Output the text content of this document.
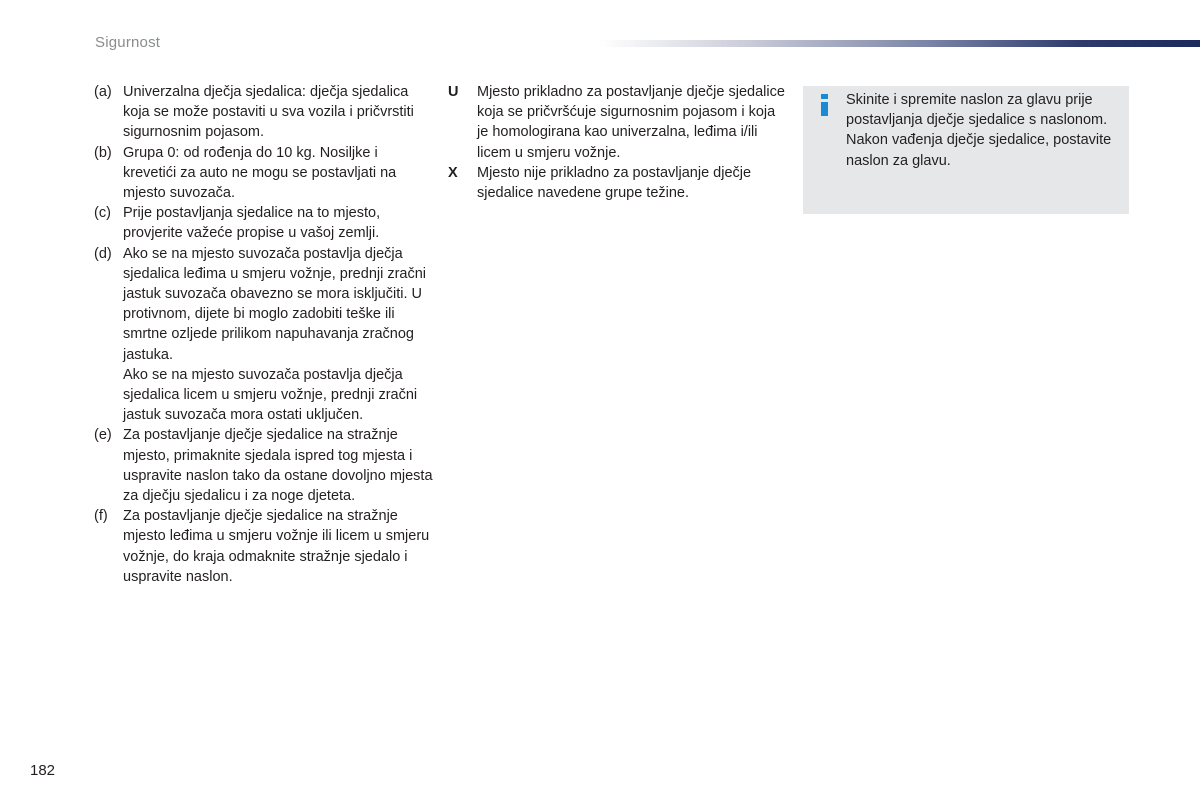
Sigurnost
(a) Univerzalna dječja sjedalica: dječja sjedalica koja se može postaviti u sva vozila i pričvrstiti sigurnosnim pojasom.

(b) Grupa 0: od rođenja do 10 kg. Nosiljke i krevetići za auto ne mogu se postavljati na mjesto suvozača.

(c) Prije postavljanja sjedalice na to mjesto, provjerite važeće propise u vašoj zemlji.

(d) Ako se na mjesto suvozača postavlja dječja sjedalica leđima u smjeru vožnje, prednji zračni jastuk suvozača obavezno se mora isključiti. U protivnom, dijete bi moglo zadobiti teške ili smrtne ozljede prilikom napuhavanja zračnog jastuka.

Ako se na mjesto suvozača postavlja dječja sjedalica licem u smjeru vožnje, prednji zračni jastuk suvozača mora ostati uključen.

(e) Za postavljanje dječje sjedalice na stražnje mjesto, primaknite sjedala ispred tog mjesta i uspravite naslon tako da ostane dovoljno mjesta za dječju sjedalicu i za noge djeteta.

(f)	Za postavljanje dječje sjedalice na stražnje mjesto leđima u smjeru vožnje ili licem u smjeru vožnje, do kraja odmaknite stražnje sjedalo i uspravite naslon.

U	Mjesto prikladno za postavljanje dječje sjedalice koja se pričvršćuje sigurnosnim pojasom i koja je homologirana kao univerzalna, leđima i/ili licem u smjeru vožnje.

X	Mjesto nije prikladno za postavljanje dječje sjedalice navedene grupe težine.

Skinite i spremite naslon za glavu prije postavljanja dječje sjedalice s naslonom.

Nakon vađenja dječje sjedalice, postavite naslon za glavu.

182
